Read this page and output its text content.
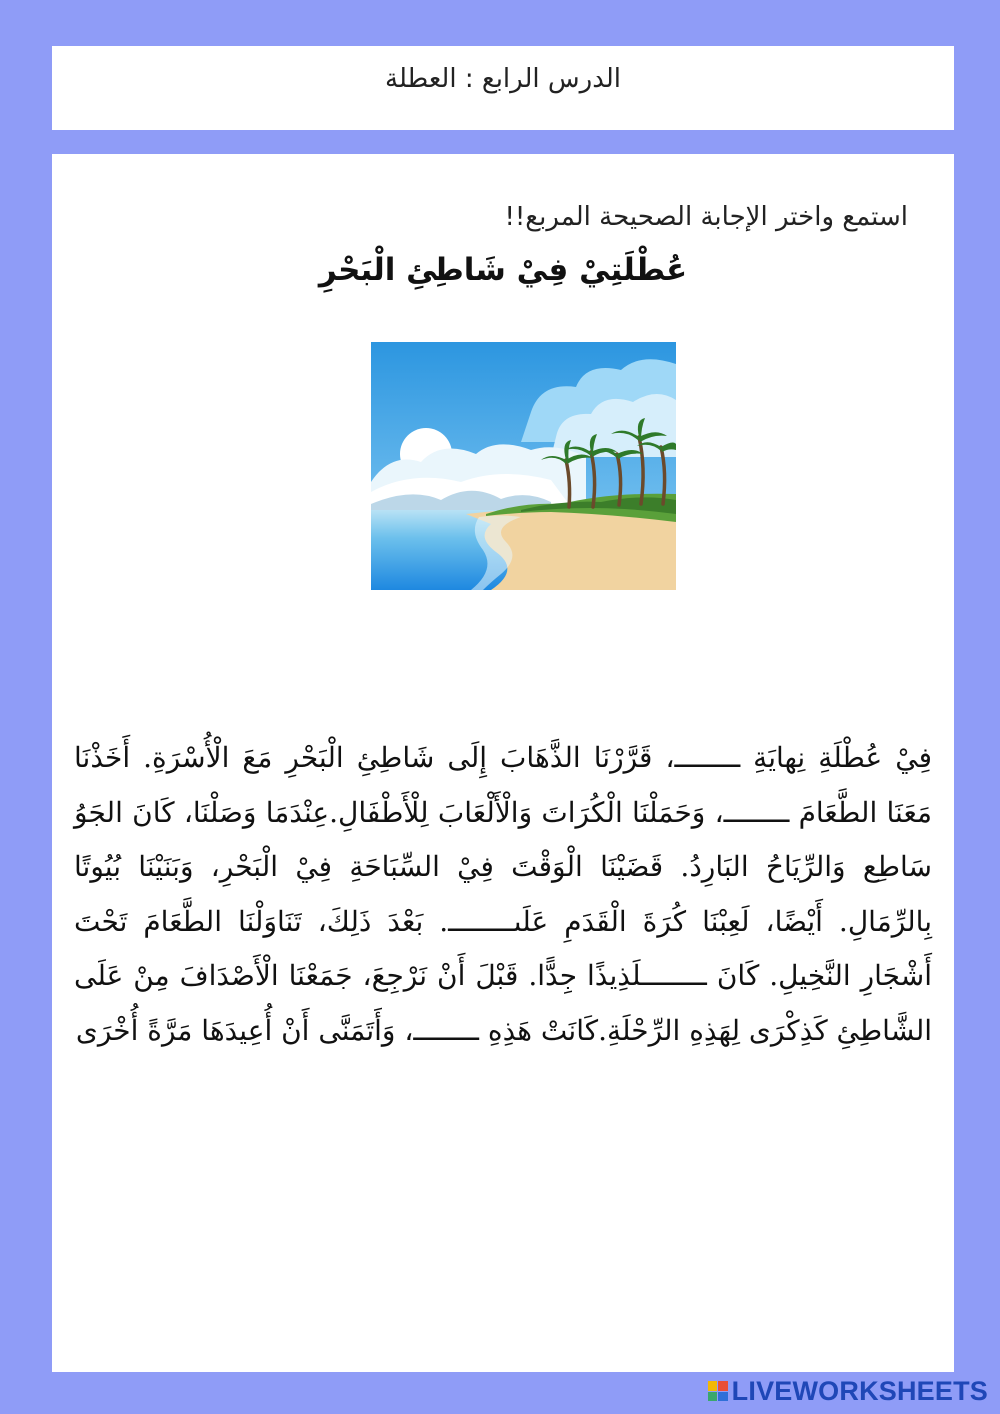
الدرس الرابع : العطلة
استمع واختر الإجابة الصحيحة المربع!!
عُطْلَتِيْ فِيْ شَاطِئِ الْبَحْرِ

فِيْ عُطْلَةِ نِهايَةِ ــــــــ، قَرَّرْنَا الذَّهَابَ إِلَى شَاطِئِ الْبَحْرِ مَعَ الْأُسْرَةِ. أَخَذْنَا مَعَنَا الطَّعَامَ ــــــــ، وَحَمَلْنَا الْكُرَاتَ وَالْأَلْعَابَ لِلْأَطْفَالِ.عِنْدَمَا وَصَلْنَا، كَانَ الجَوُ سَاطِع وَالرِّيَاحُ البَارِدُ. قَضَيْنَا الْوَقْتَ فِيْ السِّبَاحَةِ فِيْ الْبَحْرِ، وَبَنَيْنَا بُيُوتًا بِالرِّمَالِ. أَيْضًا، لَعِبْنَا كُرَةَ الْقَدَمِ عَلَىــــــــ. بَعْدَ ذَلِكَ، تَنَاوَلْنَا الطَّعَامَ تَحْتَ أَشْجَارِ النَّخِيلِ. كَانَ ــــــــلَذِيذًا جِدًّا. قَبْلَ أَنْ نَرْجِعَ، جَمَعْنَا الْأَصْدَافَ مِنْ عَلَى الشَّاطِئِ كَذِكْرَى لِهَذِهِ الرِّحْلَةِ.كَانَتْ هَذِهِ ــــــــ، وَأَتَمَنَّى أَنْ أُعِيدَهَا مَرَّةً أُخْرَى

LIVEWORKSHEETS
